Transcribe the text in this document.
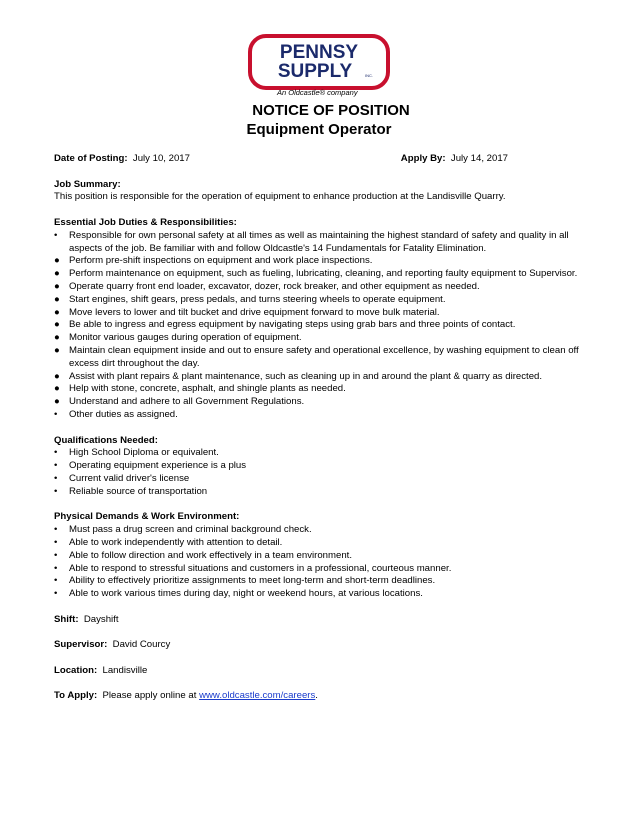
PENNSY
SUPPLY	INC.
An Oldcastle® company
NOTICE OF POSITION
Equipment Operator
Date of Posting: July 10, 2017	Apply By: July 14, 2017
Job Summary:
This position is responsible for the operation of equipment to enhance production at the Landisville Quarry.
Essential Job Duties & Responsibilities:
•	Responsible for own personal safety at all times as well as maintaining the highest standard of safety and quality in all aspects of the job. Be familiar with and follow Oldcastle's 14 Fundamentals for Fatality Elimination.
● Perform pre-shift inspections on equipment and work place inspections.
● Perform maintenance on equipment, such as fueling, lubricating, cleaning, and reporting faulty equipment to Supervisor.
● Operate quarry front end loader, excavator, dozer, rock breaker, and other equipment as needed.
● Start engines, shift gears, press pedals, and turns steering wheels to operate equipment.
● Move levers to lower and tilt bucket and drive equipment forward to move bulk material.
● Be able to ingress and egress equipment by navigating steps using grab bars and three points of contact.
● Monitor various gauges during operation of equipment.
● Maintain clean equipment inside and out to ensure safety and operational excellence, by washing equipment to clean off excess dirt throughout the day.
● Assist with plant repairs & plant maintenance, such as cleaning up in and around the plant & quarry as directed.
● Help with stone, concrete, asphalt, and shingle plants as needed.
● Understand and adhere to all Government Regulations.
•	Other duties as assigned.
Qualifications Needed:
•	High School Diploma or equivalent.
•	Operating equipment experience is a plus
•	Current valid driver's license
•	Reliable source of transportation
Physical Demands & Work Environment:
•	Must pass a drug screen and criminal background check.
•	Able to work independently with attention to detail.
•	Able to follow direction and work effectively in a team environment.
•	Able to respond to stressful situations and customers in a professional, courteous manner.
•	Ability to effectively prioritize assignments to meet long-term and short-term deadlines.
•	Able to work various times during day, night or weekend hours, at various locations.
Shift: Dayshift
Supervisor: David Courcy
Location: Landisville
To Apply: Please apply online at www.oldcastle.com/careers.
